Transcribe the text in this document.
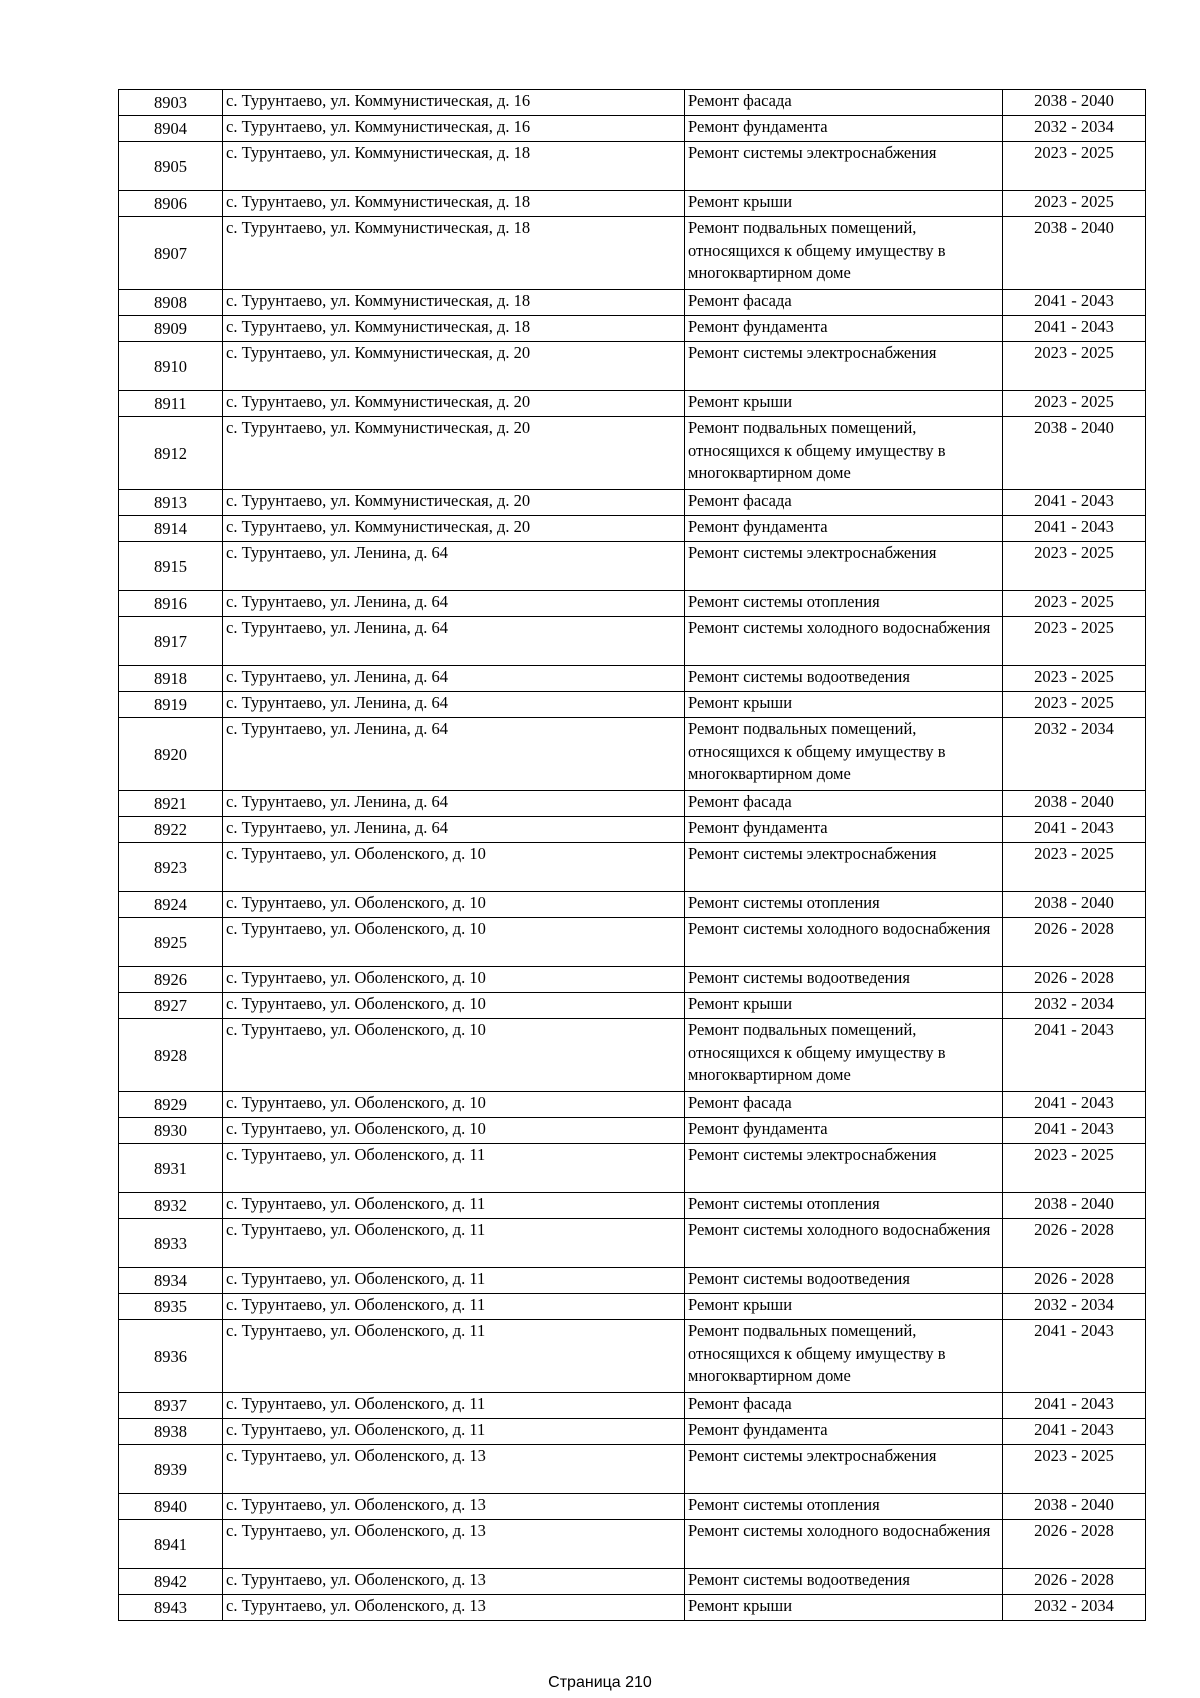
8903	с. Турунтаево, ул. Коммунистическая, д. 16	Ремонт фасада	2038 - 2040
8904	с. Турунтаево, ул. Коммунистическая, д. 16	Ремонт фундамента	2032 - 2034
8905	с. Турунтаево, ул. Коммунистическая, д. 18	Ремонт системы электроснабжения	2023 - 2025
8906	с. Турунтаево, ул. Коммунистическая, д. 18	Ремонт крыши	2023 - 2025
8907	с. Турунтаево, ул. Коммунистическая, д. 18	Ремонт подвальных помещений, относящихся к общему имуществу в многоквартирном доме	2038 - 2040
8908	с. Турунтаево, ул. Коммунистическая, д. 18	Ремонт фасада	2041 - 2043
8909	с. Турунтаево, ул. Коммунистическая, д. 18	Ремонт фундамента	2041 - 2043
8910	с. Турунтаево, ул. Коммунистическая, д. 20	Ремонт системы электроснабжения	2023 - 2025
8911	с. Турунтаево, ул. Коммунистическая, д. 20	Ремонт крыши	2023 - 2025
8912	с. Турунтаево, ул. Коммунистическая, д. 20	Ремонт подвальных помещений, относящихся к общему имуществу в многоквартирном доме	2038 - 2040
8913	с. Турунтаево, ул. Коммунистическая, д. 20	Ремонт фасада	2041 - 2043
8914	с. Турунтаево, ул. Коммунистическая, д. 20	Ремонт фундамента	2041 - 2043
8915	с. Турунтаево, ул. Ленина, д. 64	Ремонт системы электроснабжения	2023 - 2025
8916	с. Турунтаево, ул. Ленина, д. 64	Ремонт системы отопления	2023 - 2025
8917	с. Турунтаево, ул. Ленина, д. 64	Ремонт системы холодного водоснабжения	2023 - 2025
8918	с. Турунтаево, ул. Ленина, д. 64	Ремонт системы водоотведения	2023 - 2025
8919	с. Турунтаево, ул. Ленина, д. 64	Ремонт крыши	2023 - 2025
8920	с. Турунтаево, ул. Ленина, д. 64	Ремонт подвальных помещений, относящихся к общему имуществу в многоквартирном доме	2032 - 2034
8921	с. Турунтаево, ул. Ленина, д. 64	Ремонт фасада	2038 - 2040
8922	с. Турунтаево, ул. Ленина, д. 64	Ремонт фундамента	2041 - 2043
8923	с. Турунтаево, ул. Оболенского, д. 10	Ремонт системы электроснабжения	2023 - 2025
8924	с. Турунтаево, ул. Оболенского, д. 10	Ремонт системы отопления	2038 - 2040
8925	с. Турунтаево, ул. Оболенского, д. 10	Ремонт системы холодного водоснабжения	2026 - 2028
8926	с. Турунтаево, ул. Оболенского, д. 10	Ремонт системы водоотведения	2026 - 2028
8927	с. Турунтаево, ул. Оболенского, д. 10	Ремонт крыши	2032 - 2034
8928	с. Турунтаево, ул. Оболенского, д. 10	Ремонт подвальных помещений, относящихся к общему имуществу в многоквартирном доме	2041 - 2043
8929	с. Турунтаево, ул. Оболенского, д. 10	Ремонт фасада	2041 - 2043
8930	с. Турунтаево, ул. Оболенского, д. 10	Ремонт фундамента	2041 - 2043
8931	с. Турунтаево, ул. Оболенского, д. 11	Ремонт системы электроснабжения	2023 - 2025
8932	с. Турунтаево, ул. Оболенского, д. 11	Ремонт системы отопления	2038 - 2040
8933	с. Турунтаево, ул. Оболенского, д. 11	Ремонт системы холодного водоснабжения	2026 - 2028
8934	с. Турунтаево, ул. Оболенского, д. 11	Ремонт системы водоотведения	2026 - 2028
8935	с. Турунтаево, ул. Оболенского, д. 11	Ремонт крыши	2032 - 2034
8936	с. Турунтаево, ул. Оболенского, д. 11	Ремонт подвальных помещений, относящихся к общему имуществу в многоквартирном доме	2041 - 2043
8937	с. Турунтаево, ул. Оболенского, д. 11	Ремонт фасада	2041 - 2043
8938	с. Турунтаево, ул. Оболенского, д. 11	Ремонт фундамента	2041 - 2043
8939	с. Турунтаево, ул. Оболенского, д. 13	Ремонт системы электроснабжения	2023 - 2025
8940	с. Турунтаево, ул. Оболенского, д. 13	Ремонт системы отопления	2038 - 2040
8941	с. Турунтаево, ул. Оболенского, д. 13	Ремонт системы холодного водоснабжения	2026 - 2028
8942	с. Турунтаево, ул. Оболенского, д. 13	Ремонт системы водоотведения	2026 - 2028
8943	с. Турунтаево, ул. Оболенского, д. 13	Ремонт крыши	2032 - 2034
Страница 210
